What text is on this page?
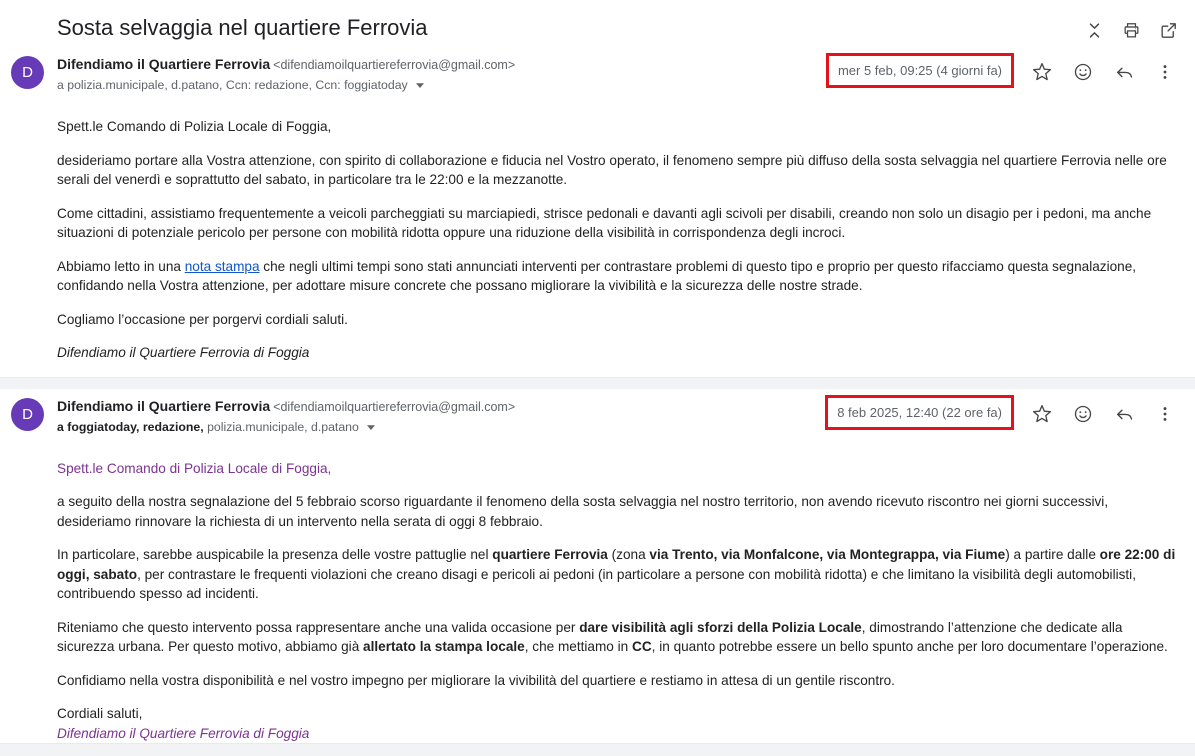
Sosta selvaggia nel quartiere Ferrovia
D	Difendiamo il Quartiere Ferrovia <difendiamoilquartiereferrovia@gmail.com>
a polizia.municipale, d.patano, Ccn: redazione, Ccn: foggiatoday
mer 5 feb, 09:25 (4 giorni fa)

Spett.le Comando di Polizia Locale di Foggia,

desideriamo portare alla Vostra attenzione, con spirito di collaborazione e fiducia nel Vostro operato, il fenomeno sempre più diffuso della sosta selvaggia nel quartiere Ferrovia nelle ore serali del venerdì e soprattutto del sabato, in particolare tra le 22:00 e la mezzanotte.

Come cittadini, assistiamo frequentemente a veicoli parcheggiati su marciapiedi, strisce pedonali e davanti agli scivoli per disabili, creando non solo un disagio per i pedoni, ma anche situazioni di potenziale pericolo per persone con mobilità ridotta oppure una riduzione della visibilità in corrispondenza degli incroci.

Abbiamo letto in una nota stampa che negli ultimi tempi sono stati annunciati interventi per contrastare problemi di questo tipo e proprio per questo rifacciamo questa segnalazione, confidando nella Vostra attenzione, per adottare misure concrete che possano migliorare la vivibilità e la sicurezza delle nostre strade.

Cogliamo l’occasione per porgervi cordiali saluti.

Difendiamo il Quartiere Ferrovia di Foggia

D	Difendiamo il Quartiere Ferrovia <difendiamoilquartiereferrovia@gmail.com>
a foggiatoday, redazione, polizia.municipale, d.patano
8 feb 2025, 12:40 (22 ore fa)

Spett.le Comando di Polizia Locale di Foggia,

a seguito della nostra segnalazione del 5 febbraio scorso riguardante il fenomeno della sosta selvaggia nel nostro territorio, non avendo ricevuto riscontro nei giorni successivi, desideriamo rinnovare la richiesta di un intervento nella serata di oggi 8 febbraio.

In particolare, sarebbe auspicabile la presenza delle vostre pattuglie nel quartiere Ferrovia (zona via Trento, via Monfalcone, via Montegrappa, via Fiume) a partire dalle ore 22:00 di oggi, sabato, per contrastare le frequenti violazioni che creano disagi e pericoli ai pedoni (in particolare a persone con mobilità ridotta) e che limitano la visibilità degli automobilisti, contribuendo spesso ad incidenti.

Riteniamo che questo intervento possa rappresentare anche una valida occasione per dare visibilità agli sforzi della Polizia Locale, dimostrando l’attenzione che dedicate alla sicurezza urbana. Per questo motivo, abbiamo già allertato la stampa locale, che mettiamo in CC, in quanto potrebbe essere un bello spunto anche per loro documentare l’operazione.

Confidiamo nella vostra disponibilità e nel vostro impegno per migliorare la vivibilità del quartiere e restiamo in attesa di un gentile riscontro.

Cordiali saluti,

Difendiamo il Quartiere Ferrovia di Foggia
